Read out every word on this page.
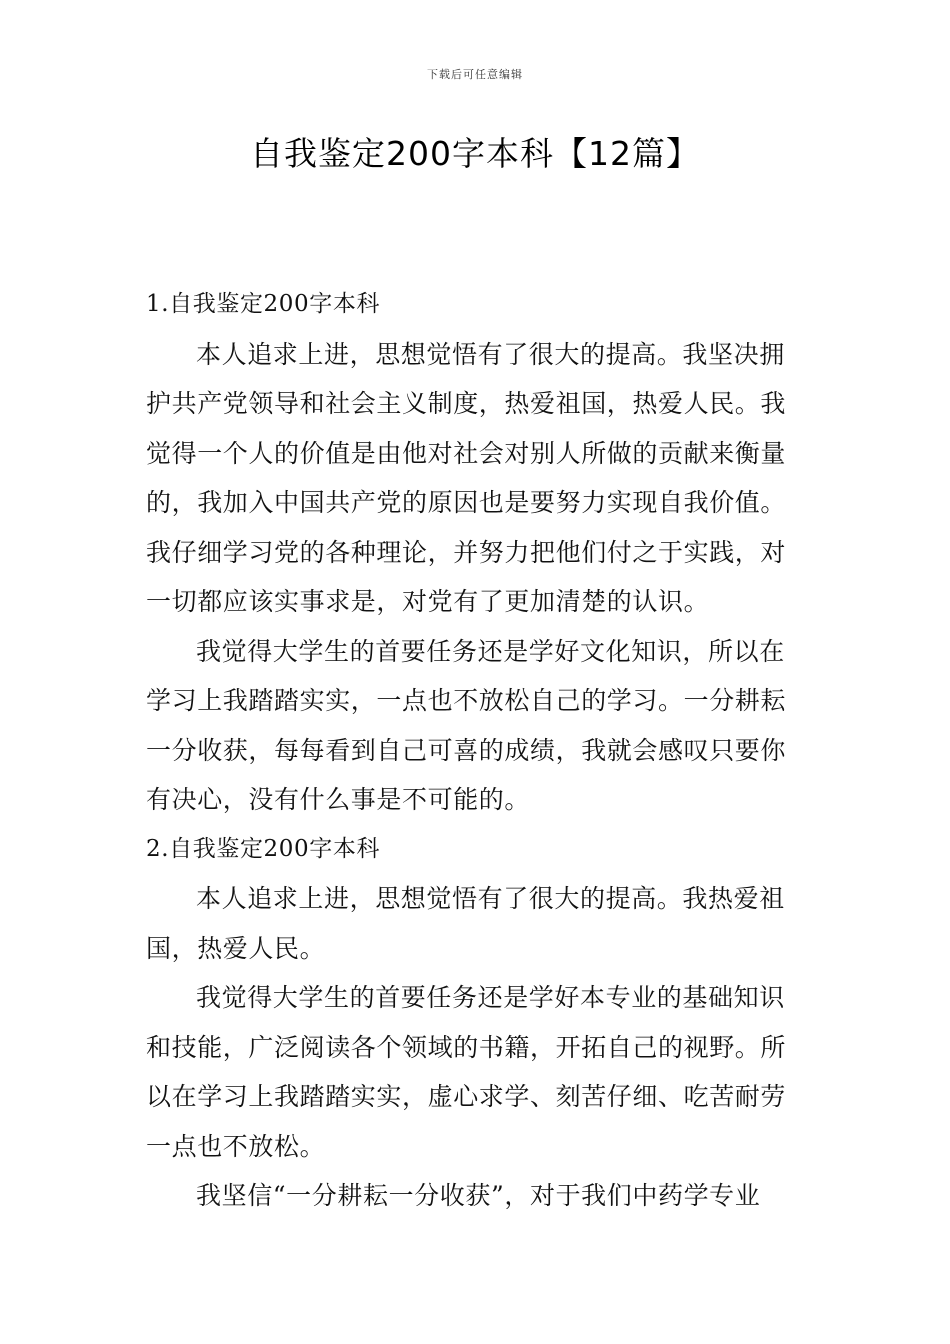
下载后可任意编辑
自我鉴定200字本科【12篇】
1.自我鉴定200字本科
本人追求上进，思想觉悟有了很大的提高。我坚决拥
护共产党领导和社会主义制度，热爱祖国，热爱人民。我
觉得一个人的价值是由他对社会对别人所做的贡献来衡量
的，我加入中国共产党的原因也是要努力实现自我价值。
我仔细学习党的各种理论，并努力把他们付之于实践，对
一切都应该实事求是，对党有了更加清楚的认识。
我觉得大学生的首要任务还是学好文化知识，所以在
学习上我踏踏实实，一点也不放松自己的学习。一分耕耘
一分收获，每每看到自己可喜的成绩，我就会感叹只要你
有决心，没有什么事是不可能的。
2.自我鉴定200字本科
本人追求上进，思想觉悟有了很大的提高。我热爱祖
国，热爱人民。
我觉得大学生的首要任务还是学好本专业的基础知识
和技能，广泛阅读各个领域的书籍，开拓自己的视野。所
以在学习上我踏踏实实，虚心求学、刻苦仔细、吃苦耐劳
一点也不放松。
我坚信“一分耕耘一分收获”，对于我们中药学专业
